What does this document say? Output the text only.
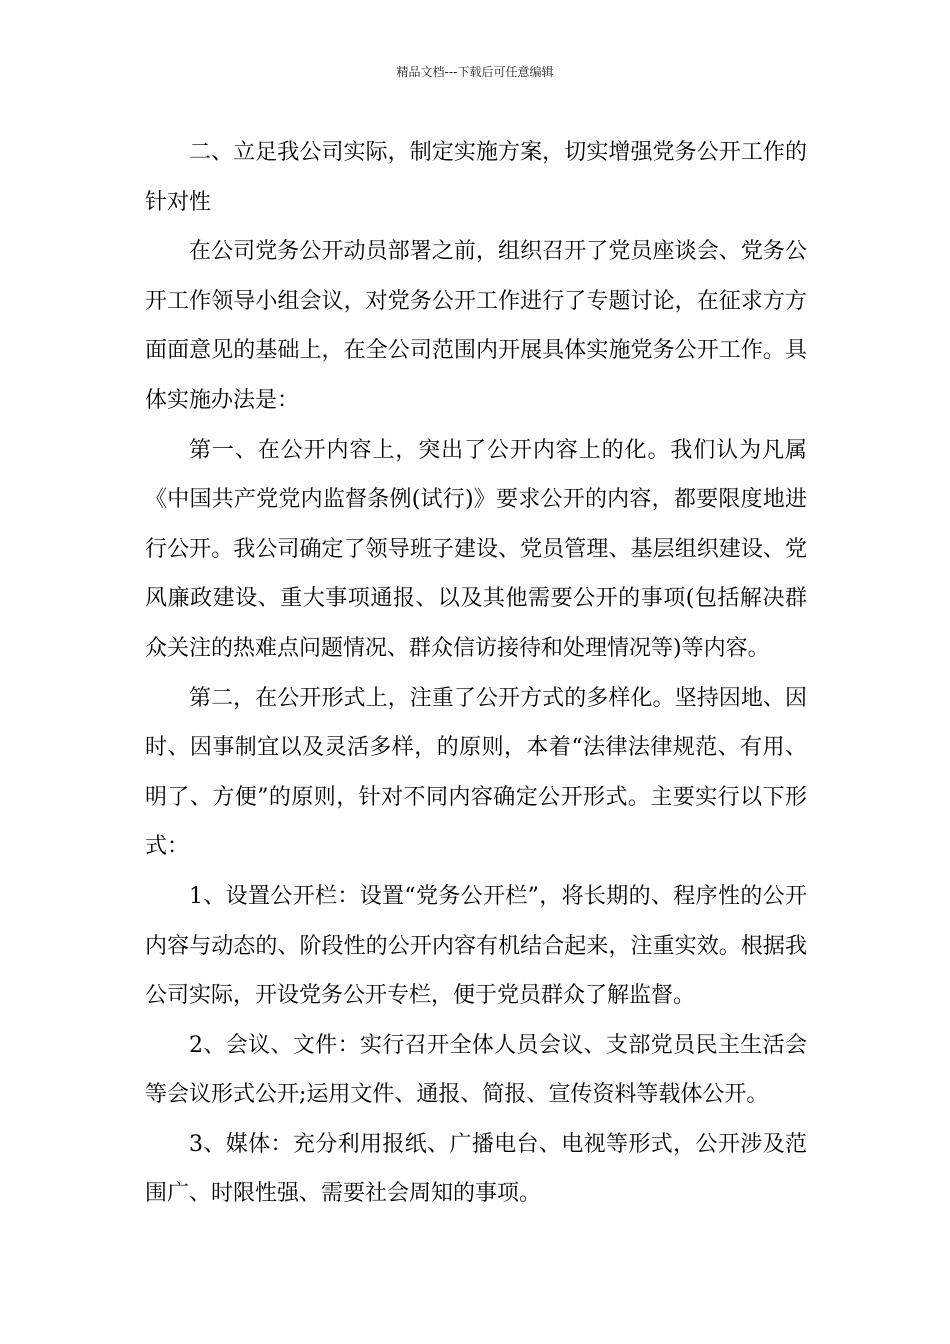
精品文档---下载后可任意编辑

二、立足我公司实际，制定实施方案，切实增强党务公开工作的针对性

在公司党务公开动员部署之前，组织召开了党员座谈会、党务公开工作领导小组会议，对党务公开工作进行了专题讨论，在征求方方面面意见的基础上，在全公司范围内开展具体实施党务公开工作。具体实施办法是：

第一、在公开内容上，突出了公开内容上的化。我们认为凡属《中国共产党党内监督条例(试行)》要求公开的内容，都要限度地进行公开。我公司确定了领导班子建设、党员管理、基层组织建设、党风廉政建设、重大事项通报、以及其他需要公开的事项(包括解决群众关注的热难点问题情况、群众信访接待和处理情况等)等内容。

第二，在公开形式上，注重了公开方式的多样化。坚持因地、因时、因事制宜以及灵活多样，的原则，本着“法律法律规范、有用、明了、方便”的原则，针对不同内容确定公开形式。主要实行以下形式：

1、设置公开栏：设置“党务公开栏”，将长期的、程序性的公开内容与动态的、阶段性的公开内容有机结合起来，注重实效。根据我公司实际，开设党务公开专栏，便于党员群众了解监督。

2、会议、文件：实行召开全体人员会议、支部党员民主生活会等会议形式公开;运用文件、通报、简报、宣传资料等载体公开。

3、媒体：充分利用报纸、广播电台、电视等形式，公开涉及范围广、时限性强、需要社会周知的事项。
